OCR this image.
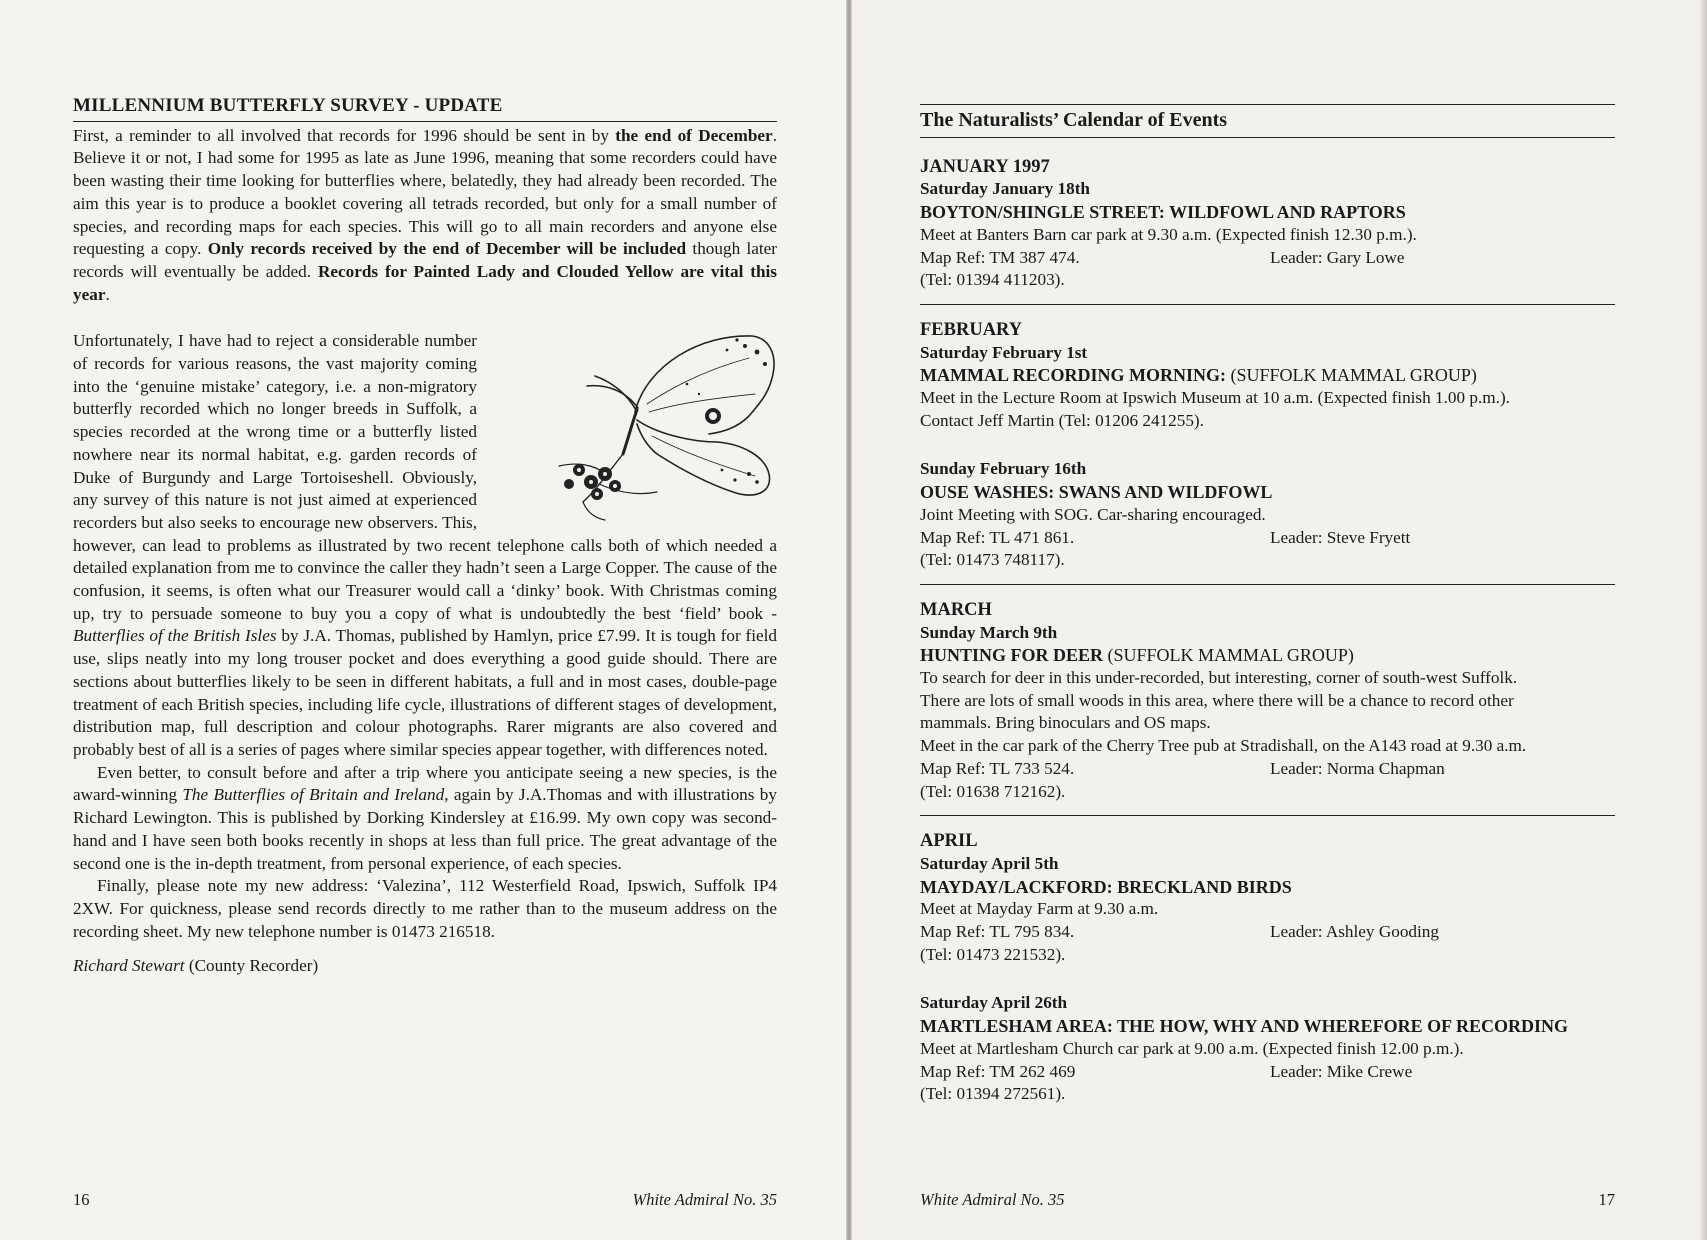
MILLENNIUM BUTTERFLY SURVEY - UPDATE

First, a reminder to all involved that records for 1996 should be sent in by the end of December. Believe it or not, I had some for 1995 as late as June 1996, meaning that some recorders could have been wasting their time looking for butterflies where, belatedly, they had already been recorded. The aim this year is to produce a booklet covering all tetrads recorded, but only for a small number of species, and recording maps for each species. This will go to all main recorders and anyone else requesting a copy. Only records received by the end of December will be included though later records will eventually be added. Records for Painted Lady and Clouded Yellow are vital this year.

Unfortunately, I have had to reject a considerable number of records for various reasons, the vast majority coming into the ‘genuine mistake’ category, i.e. a non-migratory butterfly recorded which no longer breeds in Suffolk, a species recorded at the wrong time or a butterfly listed nowhere near its normal habitat, e.g. garden records of Duke of Burgundy and Large Tortoiseshell. Obviously, any survey of this nature is not just aimed at experienced recorders but also seeks to encourage new observers. This, however, can lead to problems as illustrated by two recent telephone calls both of which needed a detailed explanation from me to convince the caller they hadn’t seen a Large Copper. The cause of the confusion, it seems, is often what our Treasurer would call a ‘dinky’ book. With Christmas coming up, try to persuade someone to buy you a copy of what is undoubtedly the best ‘field’ book - Butterflies of the British Isles by J.A. Thomas, published by Hamlyn, price £7.99. It is tough for field use, slips neatly into my long trouser pocket and does everything a good guide should. There are sections about butterflies likely to be seen in different habitats, a full and in most cases, double-page treatment of each British species, including life cycle, illustrations of different stages of development, distribution map, full description and colour photographs. Rarer migrants are also covered and probably best of all is a series of pages where similar species appear together, with differences noted.

Even better, to consult before and after a trip where you anticipate seeing a new species, is the award-winning The Butterflies of Britain and Ireland, again by J.A.Thomas and with illustrations by Richard Lewington. This is published by Dorking Kindersley at £16.99. My own copy was second-hand and I have seen both books recently in shops at less than full price. The great advantage of the second one is the in-depth treatment, from personal experience, of each species.

Finally, please note my new address: ‘Valezina’, 112 Westerfield Road, Ipswich, Suffolk IP4 2XW. For quickness, please send records directly to me rather than to the museum address on the recording sheet. My new telephone number is 01473 216518.

Richard Stewart (County Recorder)

16	White Admiral No. 35
The Naturalists’ Calendar of Events
JANUARY 1997
Saturday January 18th
BOYTON/SHINGLE STREET: WILDFOWL AND RAPTORS
Meet at Banters Barn car park at 9.30 a.m. (Expected finish 12.30 p.m.).
Map Ref: TM 387 474.	Leader: Gary Lowe
(Tel: 01394 411203).
FEBRUARY
Saturday February 1st
MAMMAL RECORDING MORNING: (SUFFOLK MAMMAL GROUP)
Meet in the Lecture Room at Ipswich Museum at 10 a.m. (Expected finish 1.00 p.m.).
Contact Jeff Martin (Tel: 01206 241255).
Sunday February 16th
OUSE WASHES: SWANS AND WILDFOWL
Joint Meeting with SOG. Car-sharing encouraged.
Map Ref: TL 471 861.	Leader: Steve Fryett
(Tel: 01473 748117).
MARCH
Sunday March 9th
HUNTING FOR DEER (SUFFOLK MAMMAL GROUP)
To search for deer in this under-recorded, but interesting, corner of south-west Suffolk.
There are lots of small woods in this area, where there will be a chance to record other
mammals. Bring binoculars and OS maps.
Meet in the car park of the Cherry Tree pub at Stradishall, on the A143 road at 9.30 a.m.
Map Ref: TL 733 524.	Leader: Norma Chapman
(Tel: 01638 712162).
APRIL
Saturday April 5th
MAYDAY/LACKFORD: BRECKLAND BIRDS
Meet at Mayday Farm at 9.30 a.m.
Map Ref: TL 795 834.	Leader: Ashley Gooding
(Tel: 01473 221532).
Saturday April 26th
MARTLESHAM AREA: THE HOW, WHY AND WHEREFORE OF RECORDING
Meet at Martlesham Church car park at 9.00 a.m. (Expected finish 12.00 p.m.).
Map Ref: TM 262 469	Leader: Mike Crewe
(Tel: 01394 272561).
White Admiral No. 35	17
